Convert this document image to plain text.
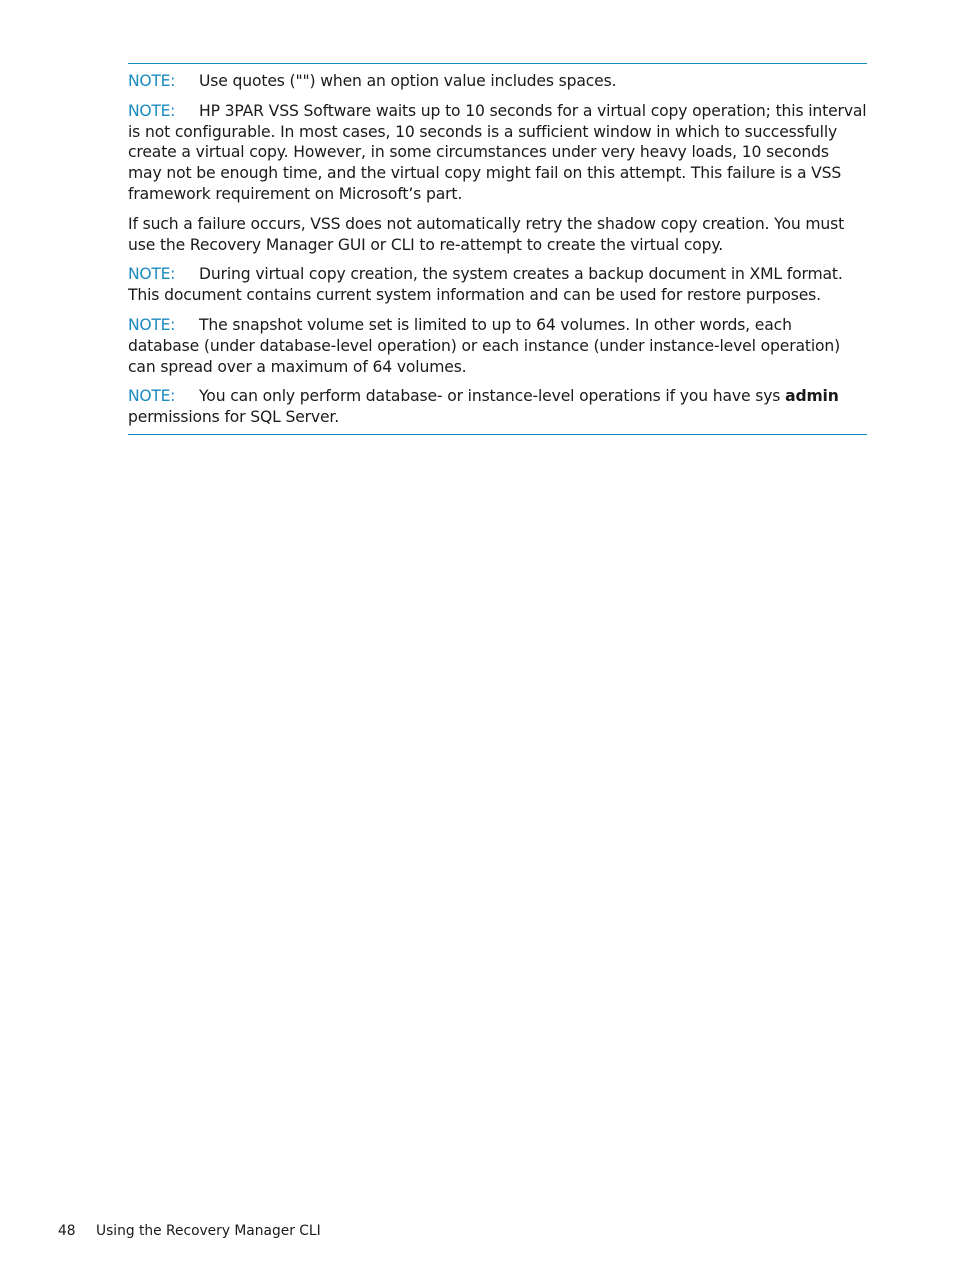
NOTE: Use quotes ("") when an option value includes spaces.

NOTE: HP 3PAR VSS Software waits up to 10 seconds for a virtual copy operation; this interval is not configurable. In most cases, 10 seconds is a sufficient window in which to successfully create a virtual copy. However, in some circumstances under very heavy loads, 10 seconds may not be enough time, and the virtual copy might fail on this attempt. This failure is a VSS framework requirement on Microsoft’s part.

If such a failure occurs, VSS does not automatically retry the shadow copy creation. You must use the Recovery Manager GUI or CLI to re-attempt to create the virtual copy.

NOTE: During virtual copy creation, the system creates a backup document in XML format. This document contains current system information and can be used for restore purposes.

NOTE: The snapshot volume set is limited to up to 64 volumes. In other words, each database (under database-level operation) or each instance (under instance-level operation) can spread over a maximum of 64 volumes.

NOTE: You can only perform database- or instance-level operations if you have sys admin permissions for SQL Server.

48 Using the Recovery Manager CLI
